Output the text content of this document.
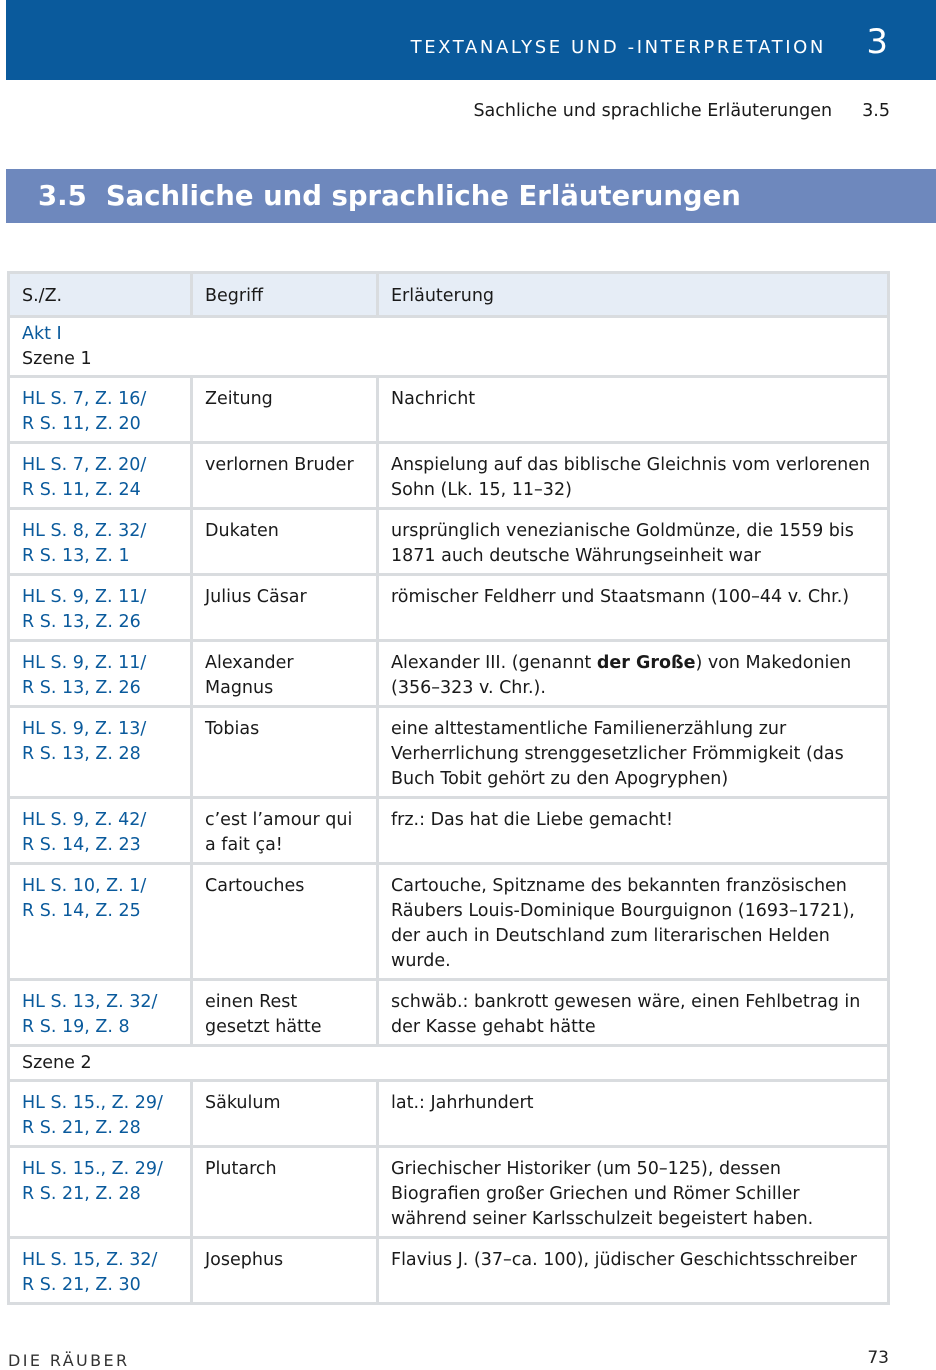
TEXTANALYSE UND -INTERPRETATION 3
Sachliche und sprachliche Erläuterungen 3.5
3.5 Sachliche und sprachliche Erläuterungen
S./Z.	Begriff	Erläuterung

Akt I
Szene 1		
HL S. 7, Z. 16/
R S. 11, Z. 20	Zeitung	Nachricht
HL S. 7, Z. 20/
R S. 11, Z. 24	verlornen Bruder	Anspielung auf das biblische Gleichnis vom verlorenen Sohn (Lk. 15, 11–32)
HL S. 8, Z. 32/
R S. 13, Z. 1	Dukaten	ursprünglich venezianische Goldmünze, die 1559 bis 1871 auch deutsche Währungseinheit war
HL S. 9, Z. 11/
R S. 13, Z. 26	Julius Cäsar	römischer Feldherr und Staatsmann (100–44 v. Chr.)
HL S. 9, Z. 11/
R S. 13, Z. 26	Alexander Magnus	Alexander III. (genannt der Große) von Makedonien (356–323 v. Chr.).
HL S. 9, Z. 13/
R S. 13, Z. 28	Tobias	eine alttestamentliche Familienerzählung zur Verherrlichung strenggesetzlicher Frömmigkeit (das Buch Tobit gehört zu den Apogryphen)
HL S. 9, Z. 42/
R S. 14, Z. 23	c’est l’amour qui a fait ça!	frz.: Das hat die Liebe gemacht!
HL S. 10, Z. 1/
R S. 14, Z. 25	Cartouches	Cartouche, Spitzname des bekannten französischen Räubers Louis-Dominique Bourguignon (1693–1721), der auch in Deutschland zum literarischen Helden wurde.
HL S. 13, Z. 32/
R S. 19, Z. 8	einen Rest gesetzt hätte	schwäb.: bankrott gewesen wäre, einen Fehlbetrag in der Kasse gehabt hätte
Szene 2		
HL S. 15., Z. 29/
R S. 21, Z. 28	Säkulum	lat.: Jahrhundert
HL S. 15., Z. 29/
R S. 21, Z. 28	Plutarch	Griechischer Historiker (um 50–125), dessen Biografien großer Griechen und Römer Schiller während seiner Karlsschulzeit begeistert haben.
HL S. 15, Z. 32/
R S. 21, Z. 30	Josephus	Flavius J. (37–ca. 100), jüdischer Geschichtsschreiber
DIE RÄUBER	73
